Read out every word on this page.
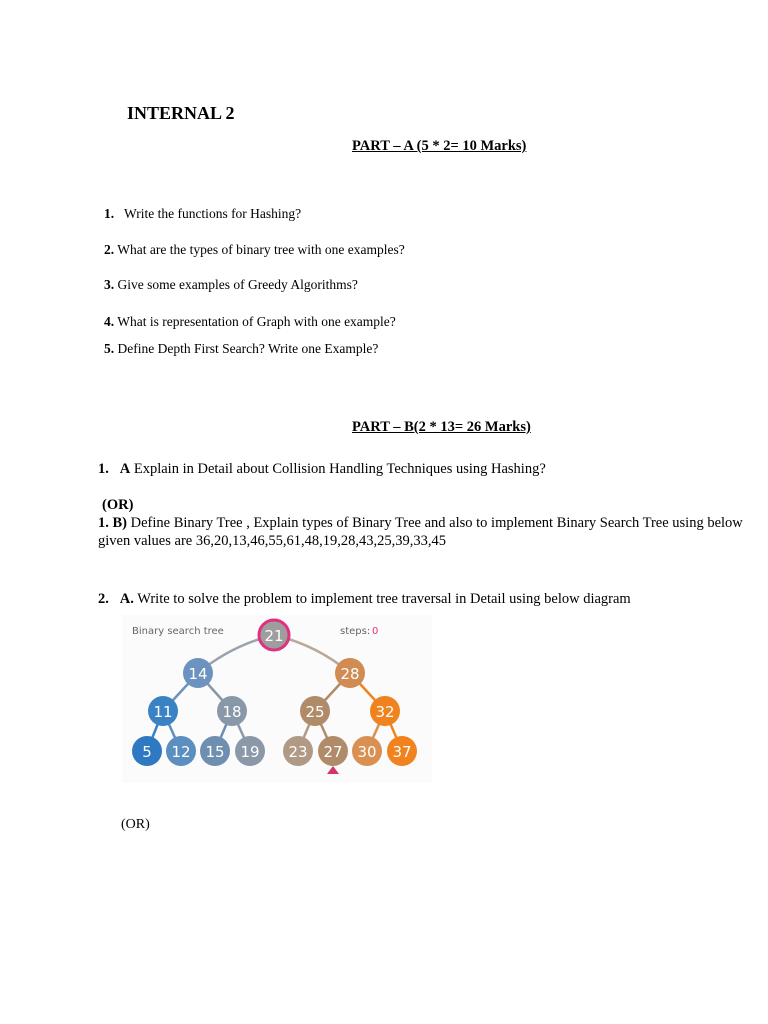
INTERNAL 2
PART – A (5 * 2= 10 Marks)
1. Write the functions for Hashing?
2. What are the types of binary tree with one examples?
3. Give some examples of Greedy Algorithms?
4. What is representation of Graph with one example?
5. Define Depth First Search? Write one Example?
PART – B(2 * 13= 26 Marks)
1. A Explain in Detail about Collision Handling Techniques using Hashing?
(OR)
1. B) Define Binary Tree , Explain types of Binary Tree and also to implement Binary Search Tree using below given values are 36,20,13,46,55,61,48,19,28,43,25,39,33,45
2. A. Write to solve the problem to implement tree traversal in Detail using below diagram
Binary search tree	steps: 0
21
14	28
11	18	25	32
5 12 15 19 23 27 30 37
(OR)
